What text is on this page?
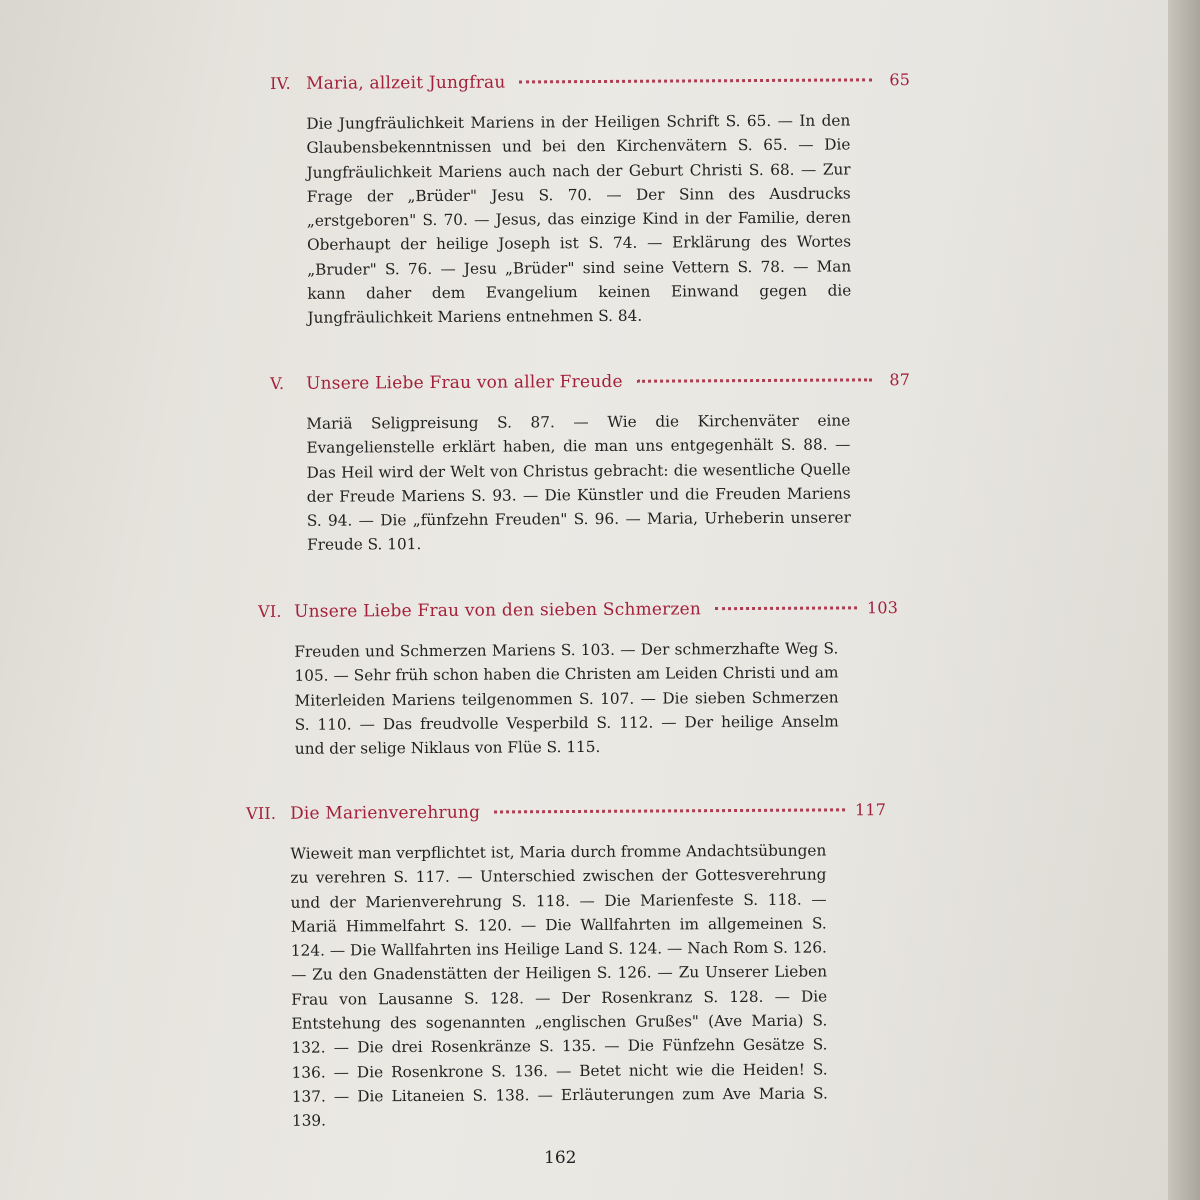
IV. Maria, allzeit Jungfrau	65

Die Jungfräulichkeit Mariens in der Heiligen Schrift S. 65. — In den Glaubensbekenntnissen und bei den Kirchenvätern S. 65. — Die Jungfräulichkeit Mariens auch nach der Geburt Christi S. 68. — Zur Frage der „Brüder" Jesu S. 70. — Der Sinn des Ausdrucks „erstgeboren" S. 70. — Jesus, das einzige Kind in der Familie, deren Oberhaupt der heilige Joseph ist S. 74. — Erklärung des Wortes „Bruder" S. 76. — Jesu „Brüder" sind seine Vettern S. 78. — Man kann daher dem Evangelium keinen Einwand gegen die Jungfräulichkeit Mariens entnehmen S. 84.

V.	Unsere Liebe Frau von aller Freude	87

Mariä Seligpreisung S. 87. — Wie die Kirchenväter eine Evangelienstelle erklärt haben, die man uns entgegenhält S. 88. — Das Heil wird der Welt von Christus gebracht: die wesentliche Quelle der Freude Mariens S. 93. — Die Künstler und die Freuden Mariens S. 94. — Die „fünfzehn Freuden" S. 96. — Maria, Urheberin unserer Freude S. 101.

VI. Unsere Liebe Frau von den sieben Schmerzen	103

Freuden und Schmerzen Mariens S. 103. — Der schmerzhafte Weg S. 105. — Sehr früh schon haben die Christen am Leiden Christi und am Miterleiden Mariens teilgenommen S. 107. — Die sieben Schmerzen S. 110. — Das freudvolle Vesperbild S. 112. — Der heilige Anselm und der selige Niklaus von Flüe S. 115.

VII. Die Marienverehrung	117

Wieweit man verpflichtet ist, Maria durch fromme Andachtsübungen zu verehren S. 117. — Unterschied zwischen der Gottesverehrung und der Marienverehrung S. 118. — Die Marienfeste S. 118. — Mariä Himmelfahrt S. 120. — Die Wallfahrten im allgemeinen S. 124. — Die Wallfahrten ins Heilige Land S. 124. — Nach Rom S. 126. — Zu den Gnadenstätten der Heiligen S. 126. — Zu Unserer Lieben Frau von Lausanne S. 128. — Der Rosenkranz S. 128. — Die Entstehung des sogenannten „englischen Grußes" (Ave Maria) S. 132. — Die drei Rosenkränze S. 135. — Die Fünfzehn Gesätze S. 136. — Die Rosenkrone S. 136. — Betet nicht wie die Heiden! S. 137. — Die Litaneien S. 138. — Erläuterungen zum Ave Maria S. 139.

162
